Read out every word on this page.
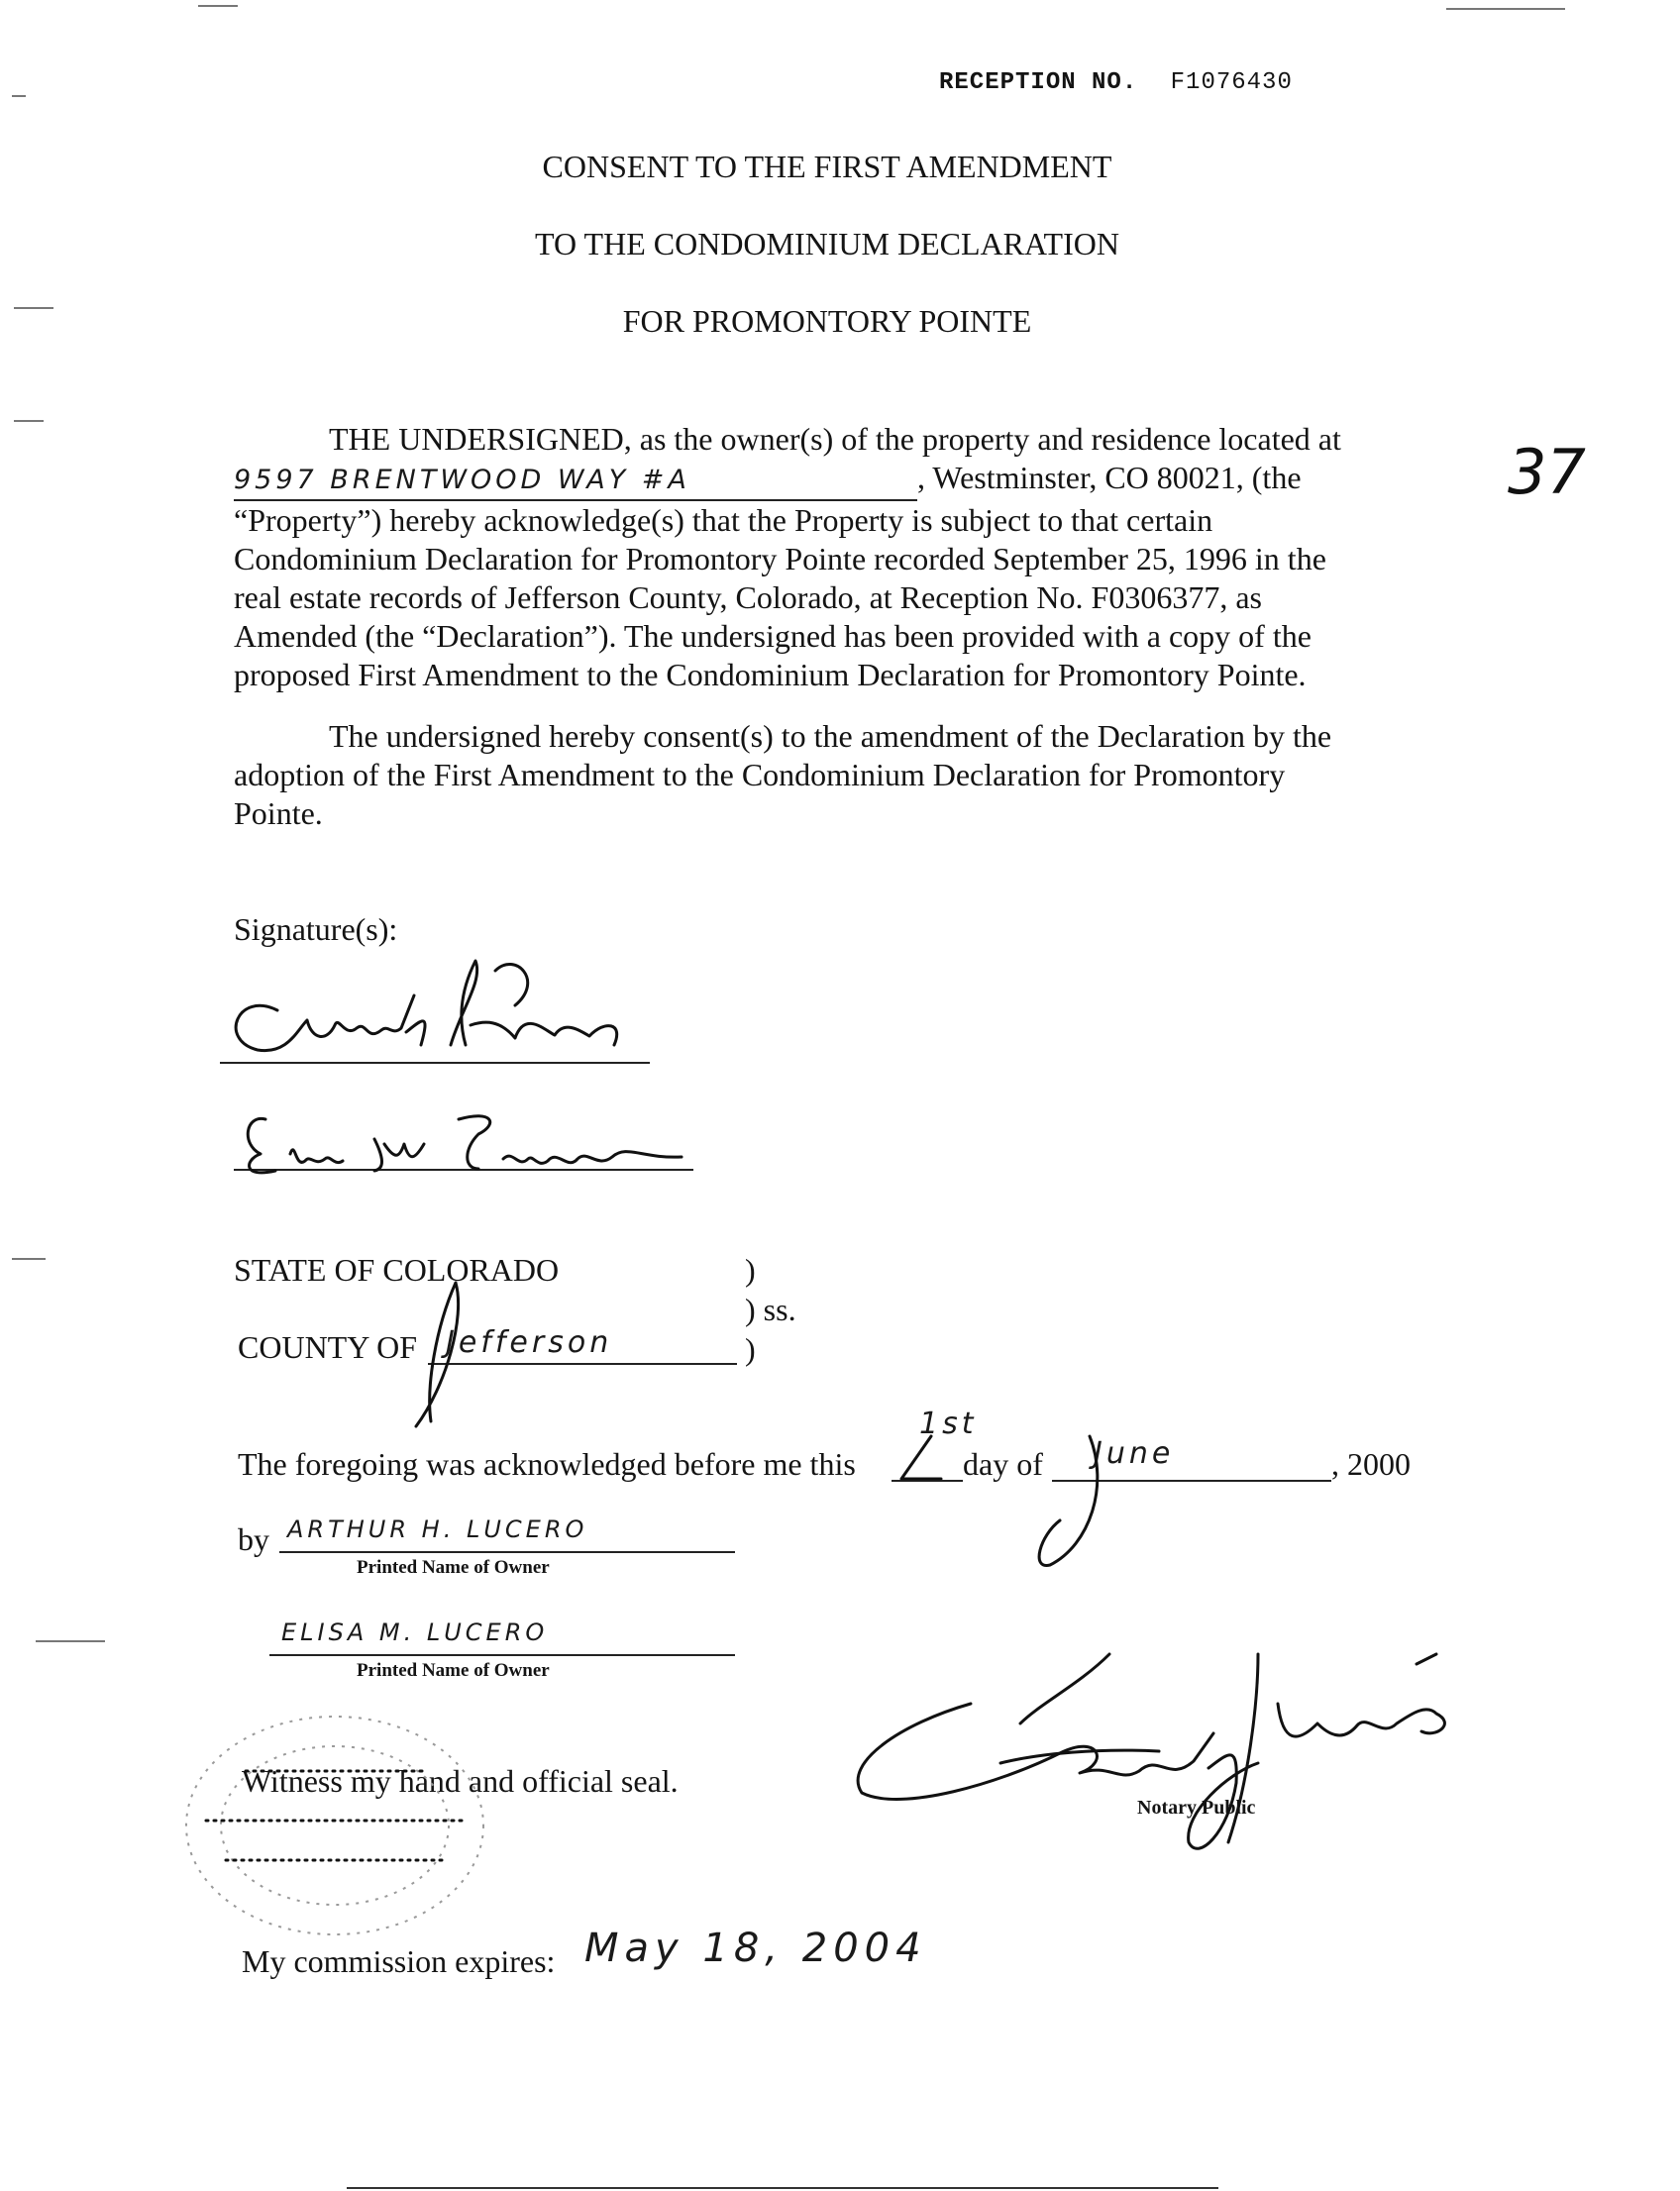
RECEPTION NO. F1076430
CONSENT TO THE FIRST AMENDMENT
TO THE CONDOMINIUM DECLARATION
FOR PROMONTORY POINTE
37

THE UNDERSIGNED, as the owner(s) of the property and residence located at

9597 BRENTWOOD WAY #A	, Westminster, CO 80021, (the

“Property”) hereby acknowledge(s) that the Property is subject to that certain

Condominium Declaration for Promontory Pointe recorded September 25, 1996 in the

real estate records of Jefferson County, Colorado, at Reception No. F0306377, as

Amended (the “Declaration”). The undersigned has been provided with a copy of the

proposed First Amendment to the Condominium Declaration for Promontory Pointe.

The undersigned hereby consent(s) to the amendment of the Declaration by the

adoption of the First Amendment to the Condominium Declaration for Promontory

Pointe.

Signature(s):
STATE OF COLORADO	)
) ss.
COUNTY OF Jefferson	)
The foregoing was acknowledged before me this
1st
day of June	, 2000
by ARTHUR H. LUCERO
Printed Name of Owner
ELISA M. LUCERO
Printed Name of Owner
Witness my hand and official seal.
Notary Public
My commission expires: May 18, 2004
